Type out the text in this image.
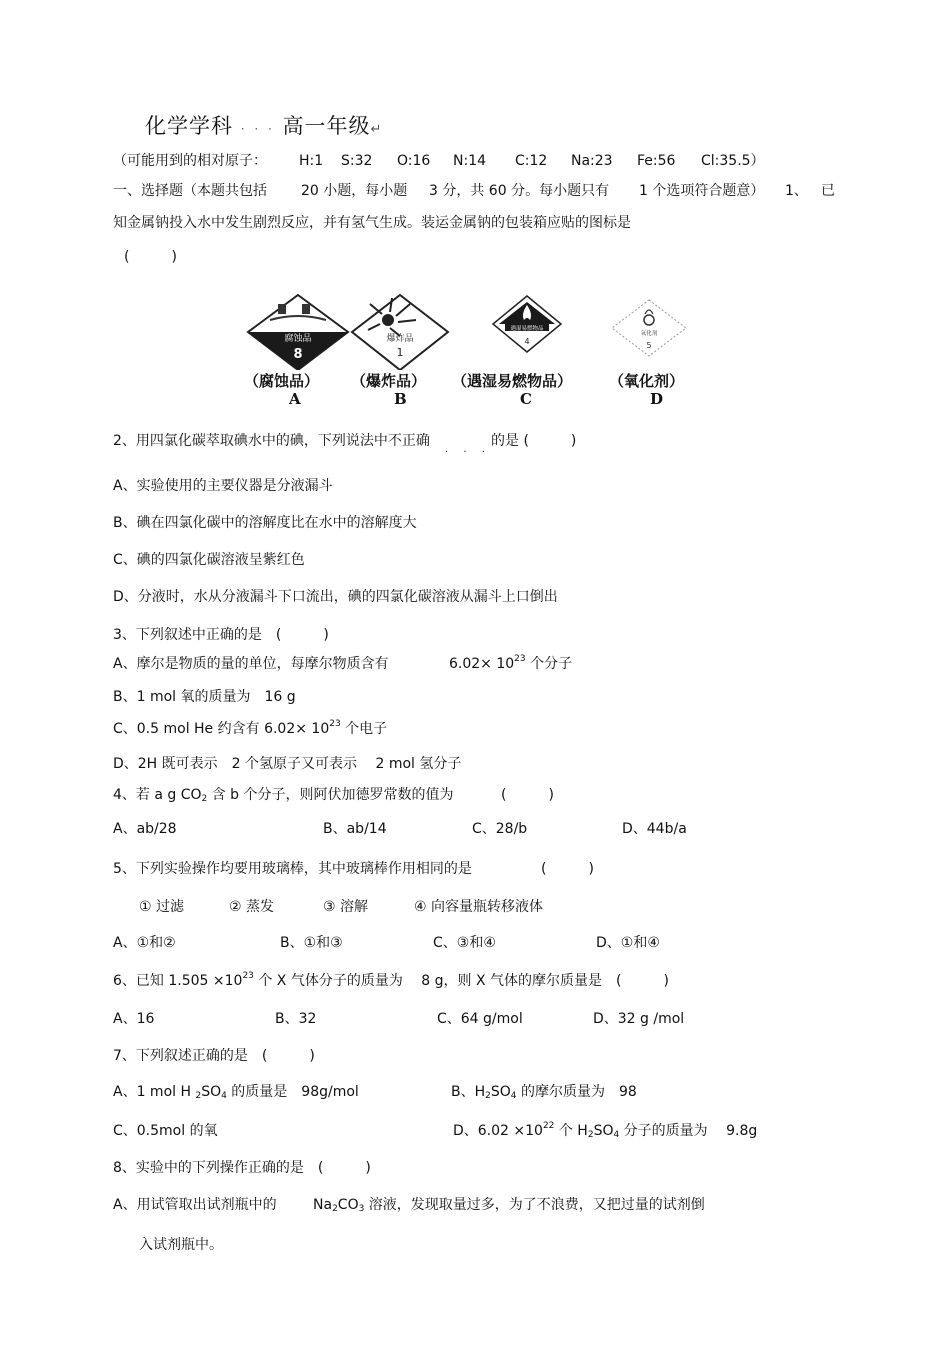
化学学科 · · · 高一年级↵
（可能用到的相对原子： H:1 S:32 O:16 N:14 C:12 Na:23 Fe:56 Cl:35.5）
一、选择题（本题共包括 20 小题，每小题 3 分，共 60 分。每小题只有 1 个选项符合题意） 1、 已
知金属钠投入水中发生剧烈反应，并有氢气生成。装运金属钠的包装箱应贴的图标是
(　　　)
腐蚀品
8
爆炸品
1
遇湿易燃物品
4
氧化剂
5
（腐蚀品） （爆炸品） （遇湿易燃物品） （氧化剂）
A	B	C	D
2、用四氯化碳萃取碘水中的碘，下列说法中不正确	的是 (　　　)
· · ·
A、实验使用的主要仪器是分液漏斗
B、碘在四氯化碳中的溶解度比在水中的溶解度大
C、碘的四氯化碳溶液呈紫红色
D、分液时，水从分液漏斗下口流出，碘的四氯化碳溶液从漏斗上口倒出
3、下列叙述中正确的是　(　　　)
A、摩尔是物质的量的单位，每摩尔物质含有	$6.02\times 10^{23}$ 个分子
B、1 mol 氧的质量为　16 g
C、0.5 mol He 约含有 $6.02\times 10^{23}$ 个电子
D、2H 既可表示　2 个氢原子又可表示　 2 mol 氢分子
4、若 a g $CO_2$ 含 b 个分子，则阿伏加德罗常数的值为	(　　　)
A、ab/28	B、ab/14	C、28/b	D、44b/a
5、下列实验操作均要用玻璃棒，其中玻璃棒作用相同的是	(　　　)
① 过滤	② 蒸发	③ 溶解	④ 向容量瓶转移液体
A、①和②	B、①和③	C、③和④	D、①和④
6、已知 $1.505 \times 10^{23}$ 个 X 气体分子的质量为　 8 g，则 X 气体的摩尔质量是　(　　　)
A、16	B、32	C、64 g/mol	D、32 g /mol
7、下列叙述正确的是　(　　　)
A、1 mol H $_2SO_4$ 的质量是　98g/mol	B、$H_2SO_4$ 的摩尔质量为　98
C、0.5mol 的氧	D、$6.02 \times 10^{22}$ 个 $H_2SO_4$ 分子的质量为　 9.8g
8、实验中的下列操作正确的是　(　　　)
A、用试管取出试剂瓶中的	$Na_2CO_3$ 溶液，发现取量过多，为了不浪费，又把过量的试剂倒
入试剂瓶中。
